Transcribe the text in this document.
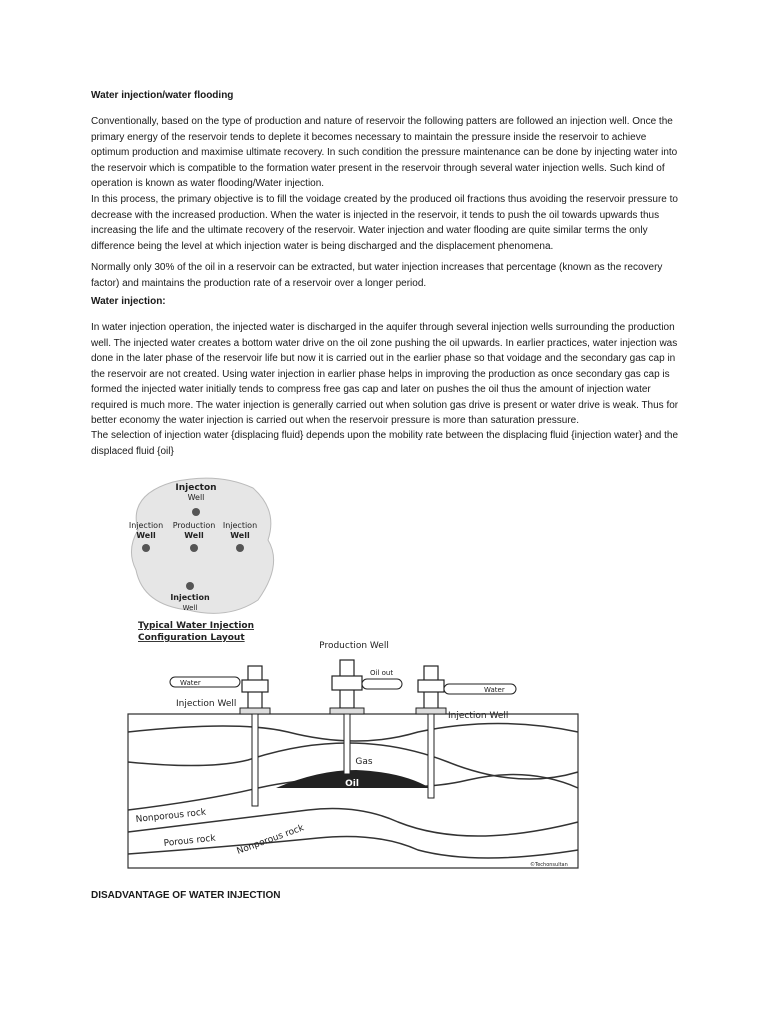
Water injection/water flooding

Conventionally, based on the type of production and nature of reservoir the following patters are followed an injection well. Once the primary energy of the reservoir tends to deplete it becomes necessary to maintain the pressure inside the reservoir to achieve optimum production and maximise ultimate recovery. In such condition the pressure maintenance can be done by injecting water into the reservoir which is compatible to the formation water present in the reservoir through several water injection wells. Such kind of operation is known as water flooding/Water injection.

In this process, the primary objective is to fill the voidage created by the produced oil fractions thus avoiding the reservoir pressure to decrease with the increased production. When the water is injected in the reservoir, it tends to push the oil towards upwards thus increasing the life and the ultimate recovery of the reservoir. Water injection and water flooding are quite similar terms the only difference being the level at which injection water is being discharged and the displacement phenomena.

Normally only 30% of the oil in a reservoir can be extracted, but water injection increases that percentage (known as the recovery factor) and maintains the production rate of a reservoir over a longer period.

Water injection:

In water injection operation, the injected water is discharged in the aquifer through several injection wells surrounding the production well. The injected water creates a bottom water drive on the oil zone pushing the oil upwards. In earlier practices, water injection was done in the later phase of the reservoir life but now it is carried out in the earlier phase so that voidage and the secondary gas cap in the reservoir are not created. Using water injection in earlier phase helps in improving the production as once secondary gas cap is formed the injected water initially tends to compress free gas cap and later on pushes the oil thus the amount of injection water required is much more. The water injection is generally carried out when solution gas drive is present or water drive is weak. Thus for better economy the water injection is carried out when the reservoir pressure is more than saturation pressure.

The selection of injection water {displacing fluid} depends upon the mobility rate between the displacing fluid {injection water} and the displaced fluid {oil}

Injecton
Well
Injection
Well
Production
Well
Injection
Well
Injection
Well
Typical Water Injection
Configuration Layout
Production Well
Oil
Gas
Water
Injection Well
Oil out
Water
Injection Well
Nonporous rock
Porous rock Nonporous rock
©Techonsultan
DISADVANTAGE OF WATER INJECTION
